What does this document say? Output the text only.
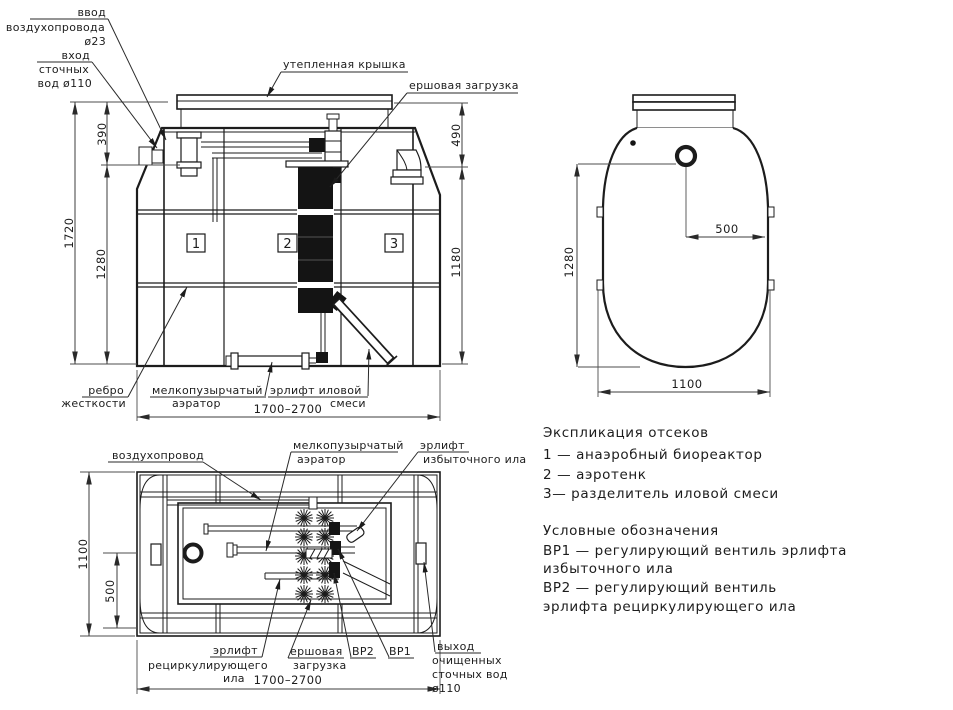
1	2	3
390
1720
1280
490
1180
1700–2700
ввод
воздухопровода
ø23
вход
сточных
вод ø110
утепленная крышка
ершовая загрузка
ребро
жесткости
мелкопузырчатый
аэратор
эрлифт иловой
смеси
1280
500
1100
1100
500
1700–2700
воздухопровод
мелкопузырчатый
аэратор
эрлифт
избыточного ила
эрлифт
рециркулирующего
ила
ершовая
загрузка
ВР2 ВР1 выход
очищенных
сточных вод
ø110
Экспликация отсеков
1 — анаэробный биореактор
2 — аэротенк
3— разделитель иловой смеси
Условные обозначения
ВР1 — регулирующий вентиль эрлифта
избыточного ила
ВР2 — регулирующий вентиль
эрлифта рециркулирующего ила
